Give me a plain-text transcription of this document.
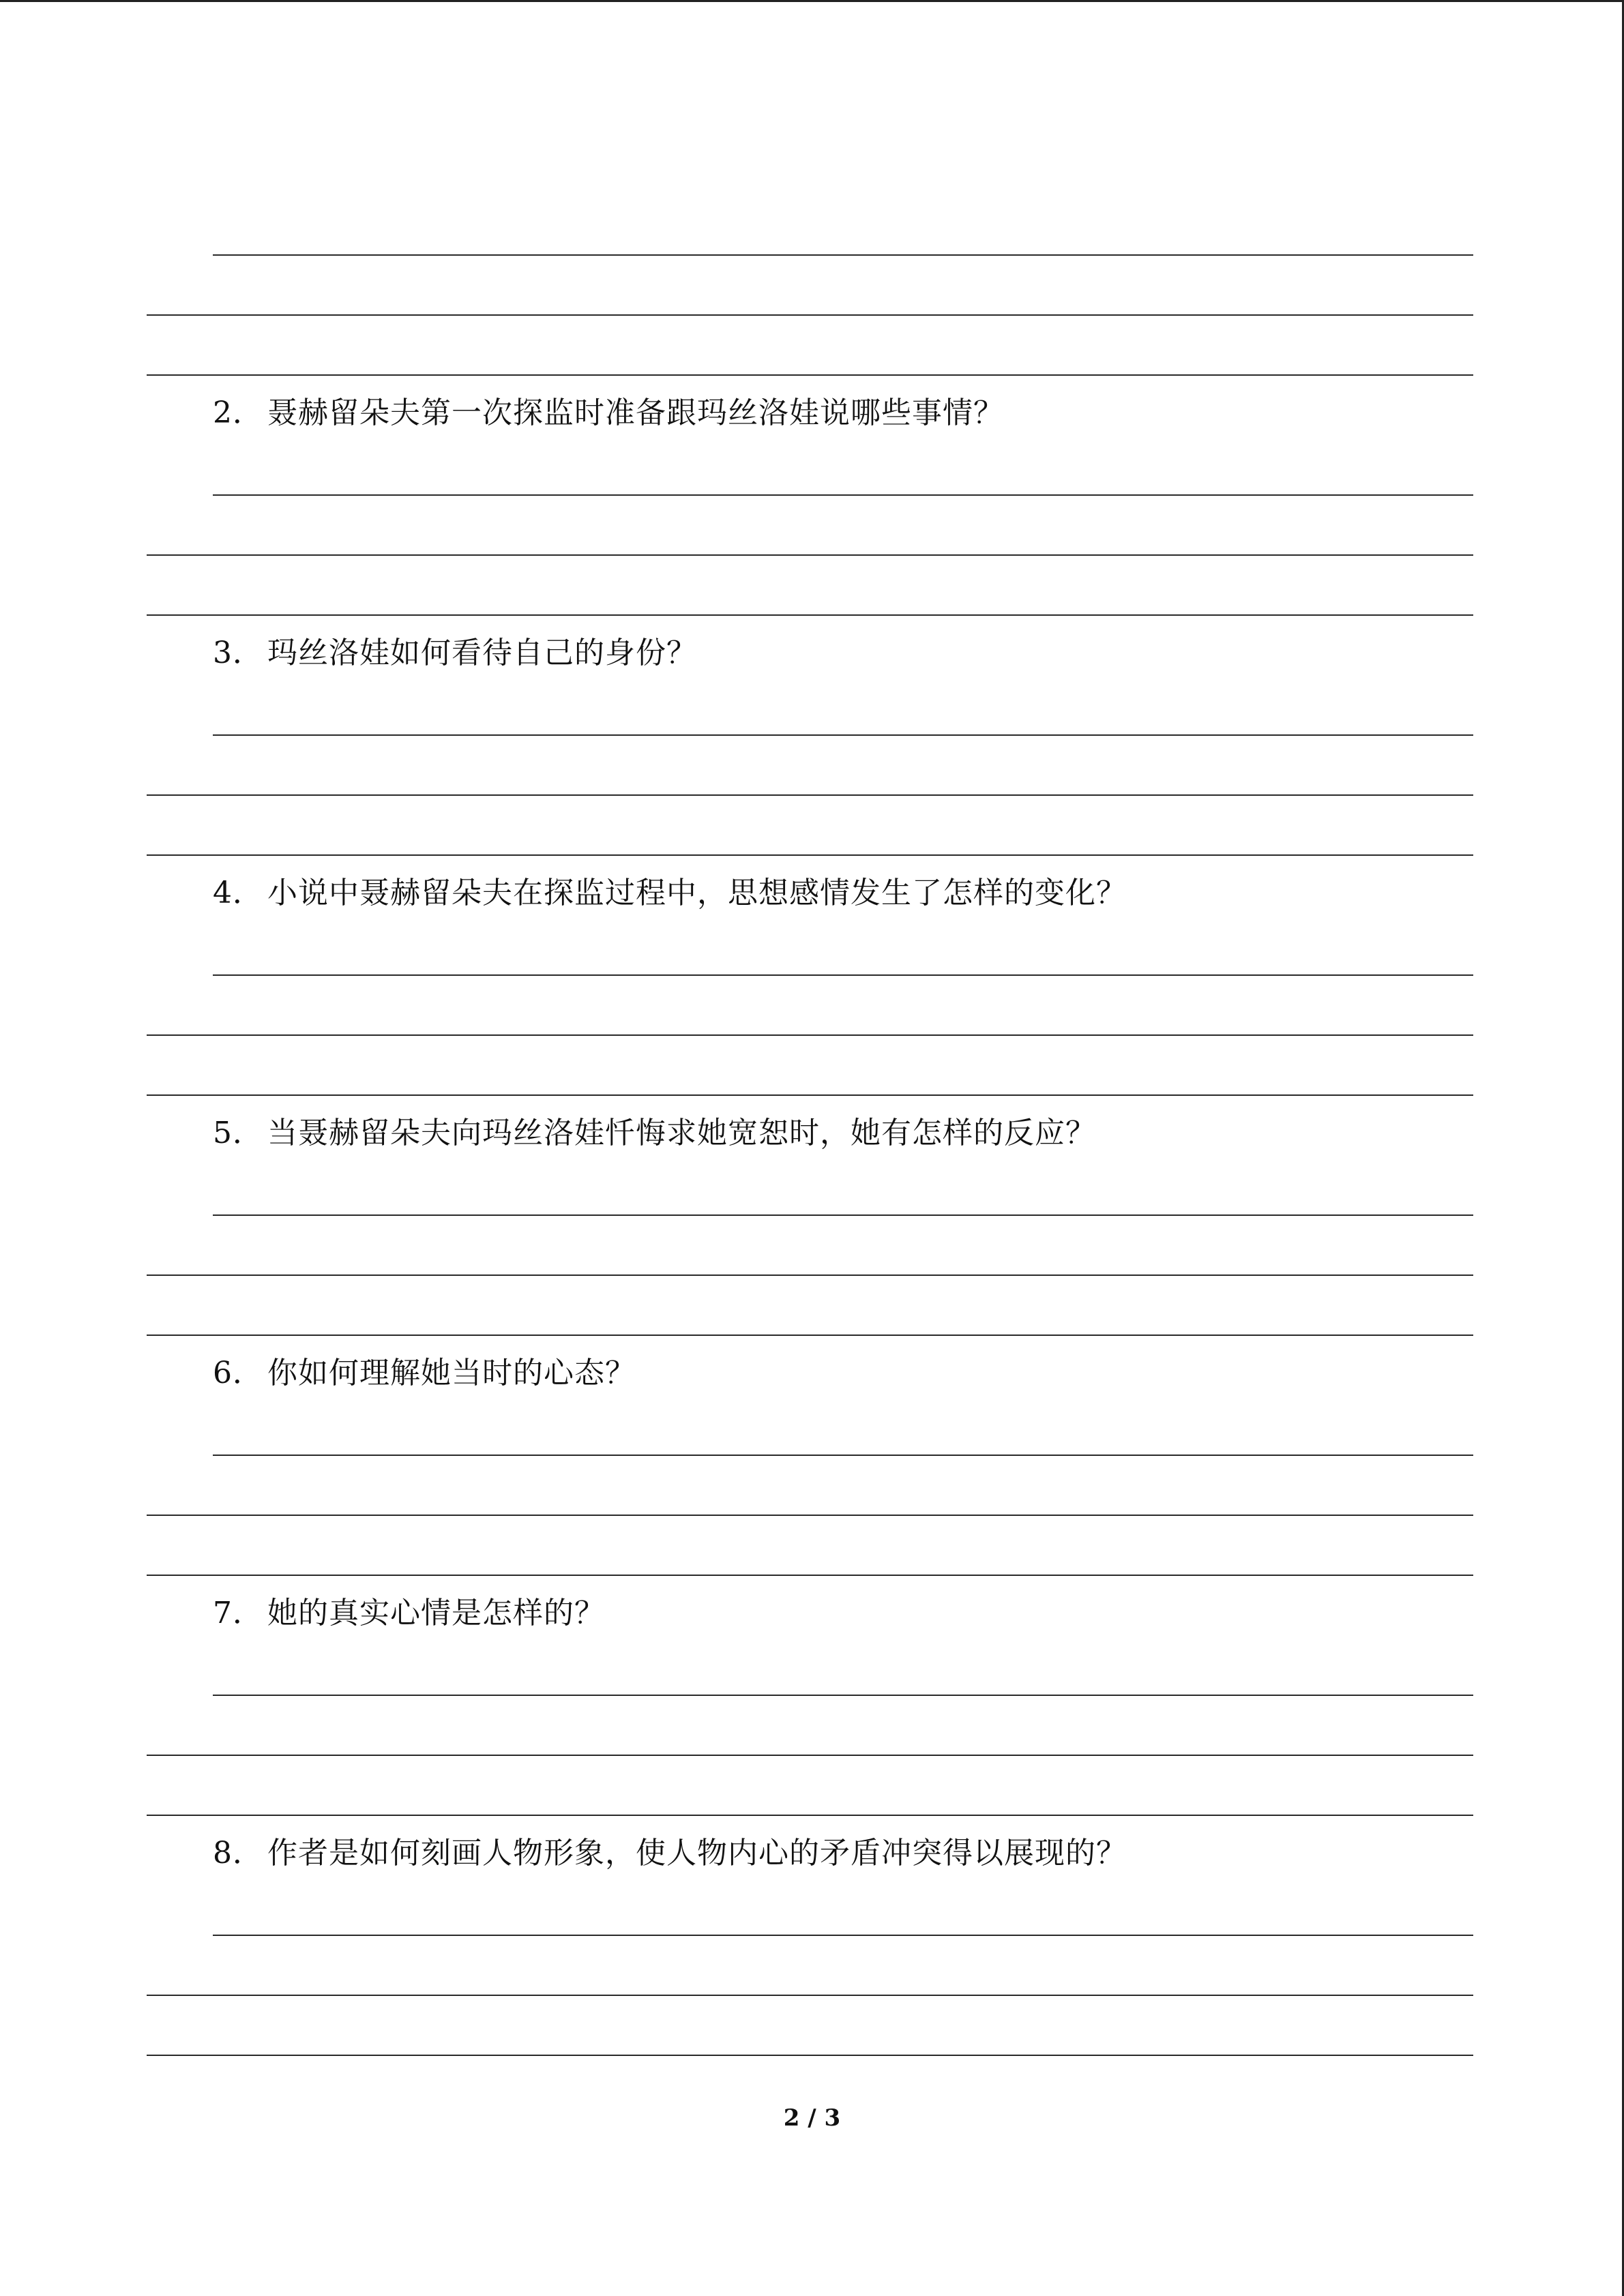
2． 聂赫留朵夫第一次探监时准备跟玛丝洛娃说哪些事情？
3． 玛丝洛娃如何看待自己的身份？
4． 小说中聂赫留朵夫在探监过程中，思想感情发生了怎样的变化？
5． 当聂赫留朵夫向玛丝洛娃忏悔求她宽恕时，她有怎样的反应？
6． 你如何理解她当时的心态？
7． 她的真实心情是怎样的？
8． 作者是如何刻画人物形象，使人物内心的矛盾冲突得以展现的？
2 / 3
